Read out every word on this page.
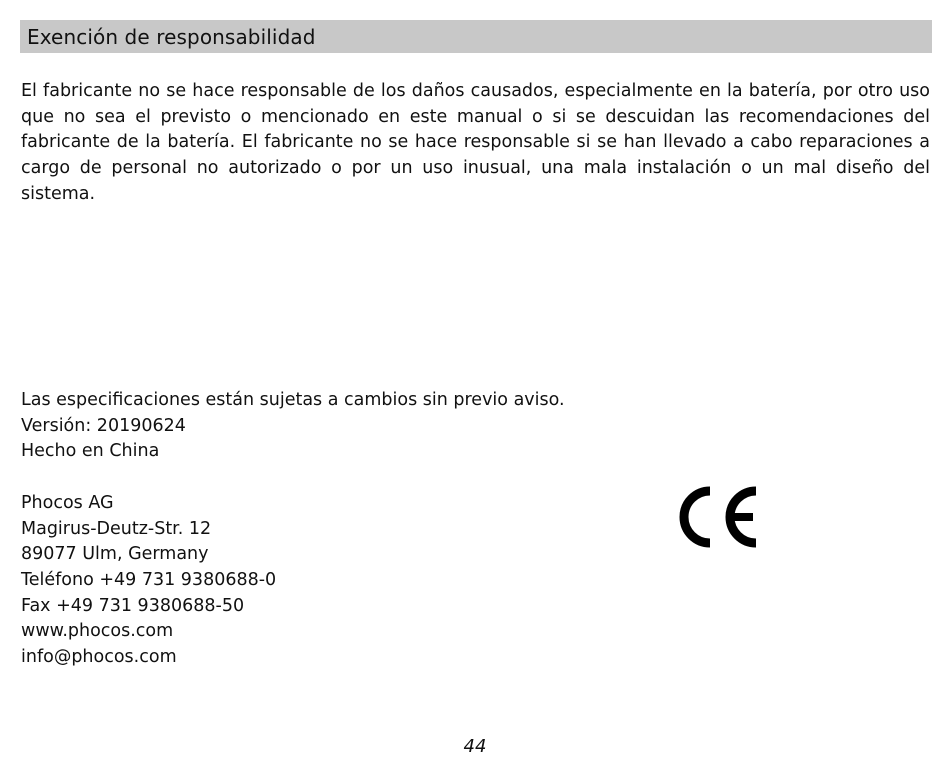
Exención de responsabilidad

El fabricante no se hace responsable de los daños causados, especialmente en la batería, por otro uso que no sea el previsto o mencionado en este manual o si se descuidan las recomendaciones del fabricante de la batería. El fabricante no se hace responsable si se han llevado a cabo reparaciones a cargo de personal no autorizado o por un uso inusual, una mala instalación o un mal diseño del sistema.

Las especificaciones están sujetas a cambios sin previo aviso.
Versión: 20190624
Hecho en China
Phocos AG
Magirus-Deutz-Str. 12
89077 Ulm, Germany
Teléfono +49 731 9380688-0
Fax +49 731 9380688-50
www.phocos.com
info@phocos.com
44
